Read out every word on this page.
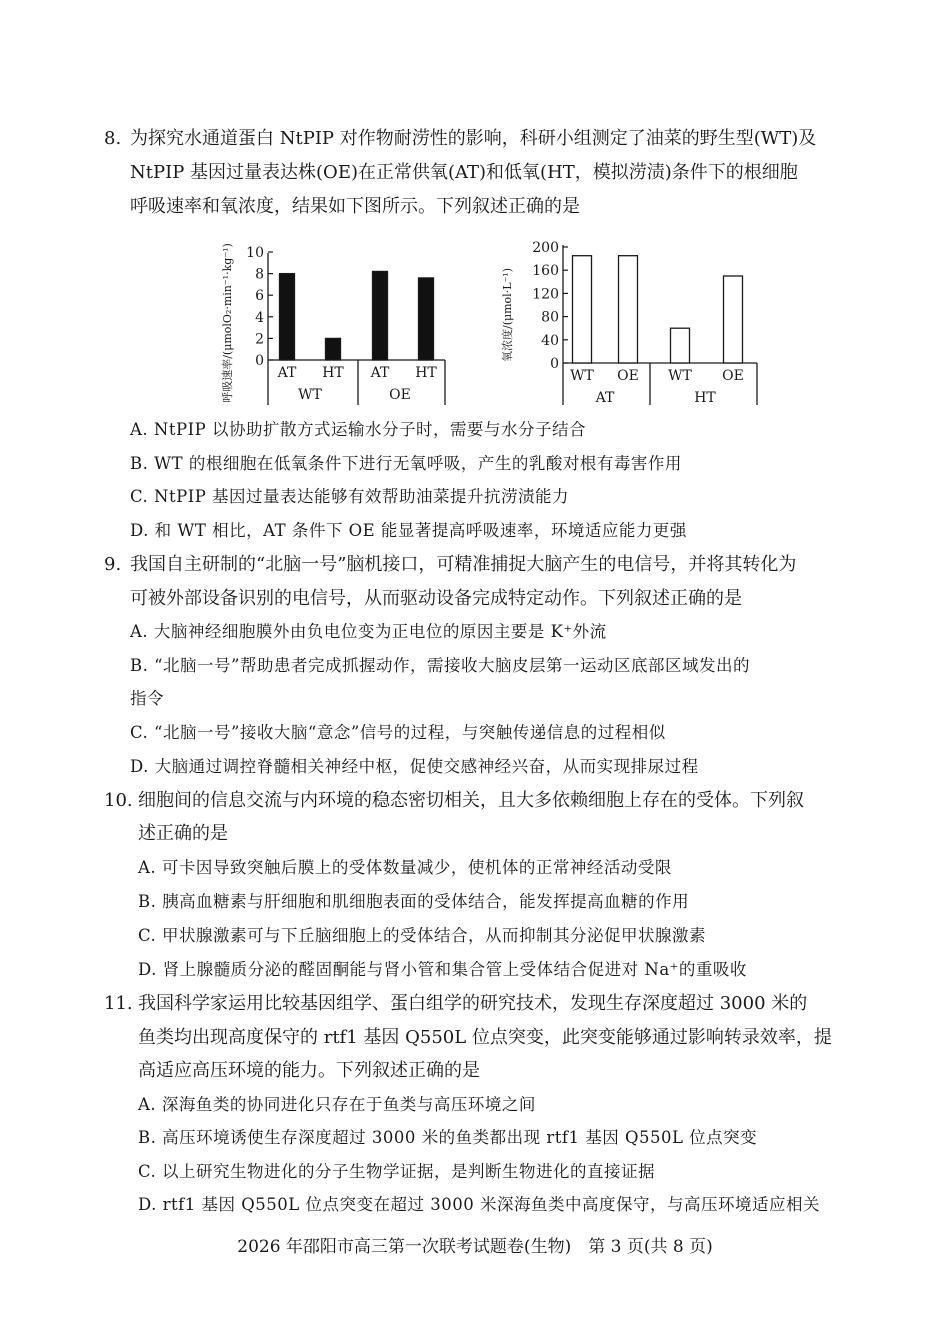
8. 为探究水通道蛋白 NtPIP 对作物耐涝性的影响，科研小组测定了油菜的野生型(WT)及
NtPIP 基因过量表达株(OE)在正常供氧(AT)和低氧(HT，模拟涝渍)条件下的根细胞
呼吸速率和氧浓度，结果如下图所示。下列叙述正确的是
呼吸速率/(μmolO₂·min⁻¹·kg⁻¹) 0
2
4
6
8
10
AT HT AT HT
WT	OE
氧浓度/(μmol·L⁻¹)
0
40
80
120
160
200
WT OE WT OE
AT	HT
A. NtPIP 以协助扩散方式运输水分子时，需要与水分子结合
B. WT 的根细胞在低氧条件下进行无氧呼吸，产生的乳酸对根有毒害作用
C. NtPIP 基因过量表达能够有效帮助油菜提升抗涝渍能力
D. 和 WT 相比，AT 条件下 OE 能显著提高呼吸速率，环境适应能力更强
9. 我国自主研制的“北脑一号”脑机接口，可精准捕捉大脑产生的电信号，并将其转化为
可被外部设备识别的电信号，从而驱动设备完成特定动作。下列叙述正确的是
A. 大脑神经细胞膜外由负电位变为正电位的原因主要是 K⁺外流
B. “北脑一号”帮助患者完成抓握动作，需接收大脑皮层第一运动区底部区域发出的
指令
C. “北脑一号”接收大脑“意念”信号的过程，与突触传递信息的过程相似
D. 大脑通过调控脊髓相关神经中枢，促使交感神经兴奋，从而实现排尿过程
10. 细胞间的信息交流与内环境的稳态密切相关，且大多依赖细胞上存在的受体。下列叙
述正确的是
A. 可卡因导致突触后膜上的受体数量减少，使机体的正常神经活动受限
B. 胰高血糖素与肝细胞和肌细胞表面的受体结合，能发挥提高血糖的作用
C. 甲状腺激素可与下丘脑细胞上的受体结合，从而抑制其分泌促甲状腺激素
D. 肾上腺髓质分泌的醛固酮能与肾小管和集合管上受体结合促进对 Na⁺的重吸收
11. 我国科学家运用比较基因组学、蛋白组学的研究技术，发现生存深度超过 3000 米的
鱼类均出现高度保守的 rtf1 基因 Q550L 位点突变，此突变能够通过影响转录效率，提
高适应高压环境的能力。下列叙述正确的是
A. 深海鱼类的协同进化只存在于鱼类与高压环境之间
B. 高压环境诱使生存深度超过 3000 米的鱼类都出现 rtf1 基因 Q550L 位点突变
C. 以上研究生物进化的分子生物学证据，是判断生物进化的直接证据
D. rtf1 基因 Q550L 位点突变在超过 3000 米深海鱼类中高度保守，与高压环境适应相关
2026 年邵阳市高三第一次联考试题卷(生物)　第 3 页(共 8 页)
